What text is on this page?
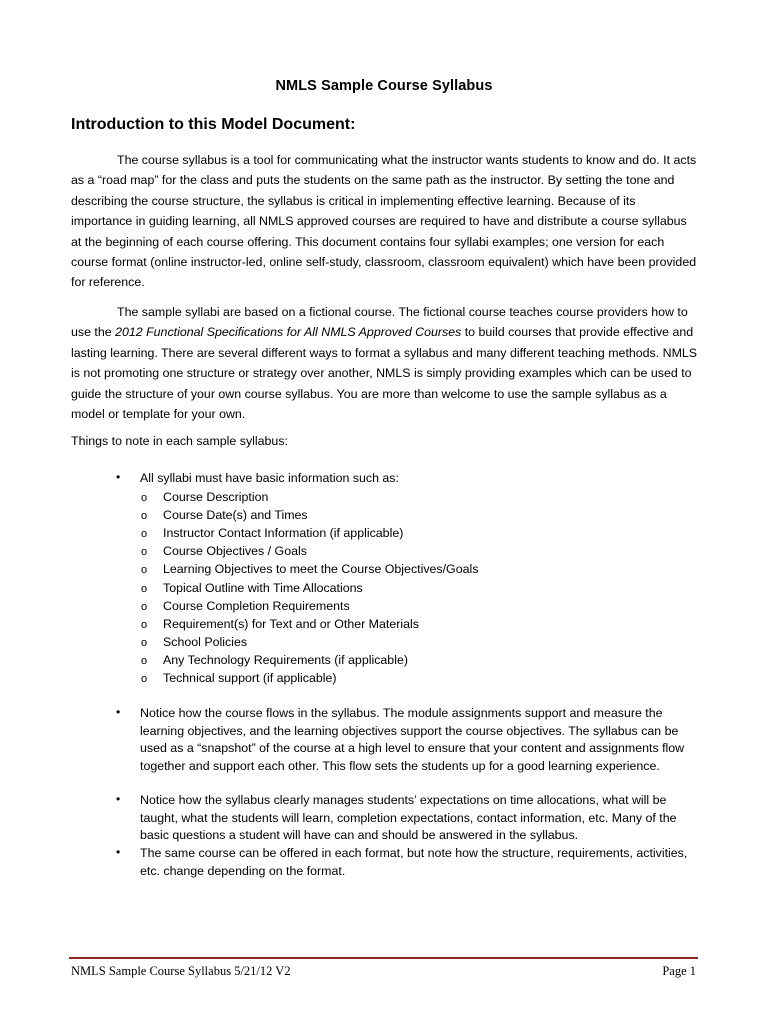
NMLS Sample Course Syllabus
Introduction to this Model Document:

The course syllabus is a tool for communicating what the instructor wants students to know and do. It acts as a “road map” for the class and puts the students on the same path as the instructor. By setting the tone and describing the course structure, the syllabus is critical in implementing effective learning. Because of its importance in guiding learning, all NMLS approved courses are required to have and distribute a course syllabus at the beginning of each course offering. This document contains four syllabi examples; one version for each course format (online instructor-led, online self-study, classroom, classroom equivalent) which have been provided for reference.

The sample syllabi are based on a fictional course. The fictional course teaches course providers how to use the 2012 Functional Specifications for All NMLS Approved Courses to build courses that provide effective and lasting learning. There are several different ways to format a syllabus and many different teaching methods. NMLS is not promoting one structure or strategy over another, NMLS is simply providing examples which can be used to guide the structure of your own course syllabus. You are more than welcome to use the sample syllabus as a model or template for your own.

Things to note in each sample syllabus:
• All syllabi must have basic information such as:
o Course Description
o Course Date(s) and Times
o Instructor Contact Information (if applicable)
o Course Objectives / Goals
o Learning Objectives to meet the Course Objectives/Goals
o Topical Outline with Time Allocations
o Course Completion Requirements
o Requirement(s) for Text and or Other Materials
o School Policies
o Any Technology Requirements (if applicable)
o Technical support (if applicable)
• Notice how the course flows in the syllabus. The module assignments support and measure the learning objectives, and the learning objectives support the course objectives. The syllabus can be used as a “snapshot” of the course at a high level to ensure that your content and assignments flow together and support each other. This flow sets the students up for a good learning experience.
• Notice how the syllabus clearly manages students’ expectations on time allocations, what will be taught, what the students will learn, completion expectations, contact information, etc. Many of the basic questions a student will have can and should be answered in the syllabus.
• The same course can be offered in each format, but note how the structure, requirements, activities, etc. change depending on the format.
NMLS Sample Course Syllabus 5/21/12 V2	Page 1
